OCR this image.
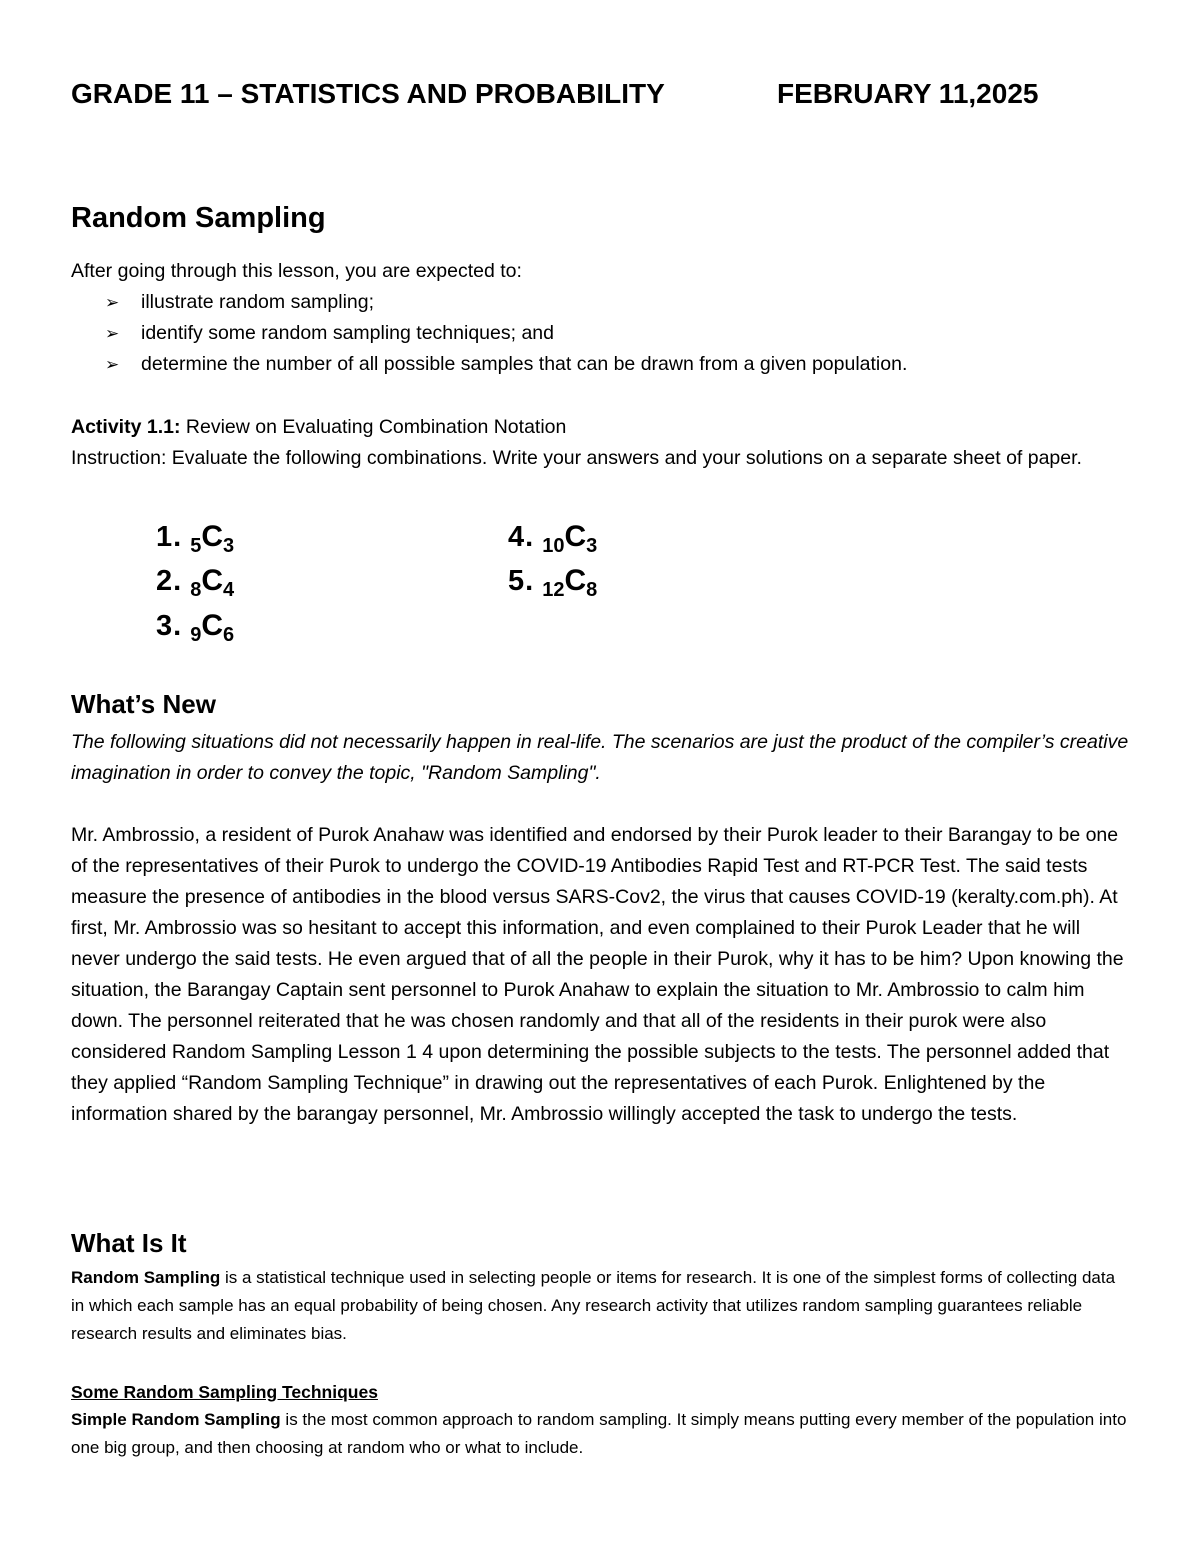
GRADE 11 – STATISTICS AND PROBABILITY	FEBRUARY 11,2025
Random Sampling
After going through this lesson, you are expected to:
➢ illustrate random sampling;
➢ identify some random sampling techniques; and
➢ determine the number of all possible samples that can be drawn from a given population.
Activity 1.1: Review on Evaluating Combination Notation
Instruction: Evaluate the following combinations. Write your answers and your solutions on a separate sheet of paper.
1. $_5C_3$
2. $_8C_4$
3. $_9C_6$
4. $_{10}C_3$
5. $_{12}C_8$
What’s New
The following situations did not necessarily happen in real-life. The scenarios are just the product of the compiler’s creative imagination in order to convey the topic, "Random Sampling".
Mr. Ambrossio, a resident of Purok Anahaw was identified and endorsed by their Purok leader to their Barangay to be one of the representatives of their Purok to undergo the COVID-19 Antibodies Rapid Test and RT-PCR Test. The said tests measure the presence of antibodies in the blood versus SARS-Cov2, the virus that causes COVID-19 (keralty.com.ph). At first, Mr. Ambrossio was so hesitant to accept this information, and even complained to their Purok Leader that he will never undergo the said tests. He even argued that of all the people in their Purok, why it has to be him? Upon knowing the situation, the Barangay Captain sent personnel to Purok Anahaw to explain the situation to Mr. Ambrossio to calm him down. The personnel reiterated that he was chosen randomly and that all of the residents in their purok were also considered Random Sampling Lesson 1 4 upon determining the possible subjects to the tests. The personnel added that they applied “Random Sampling Technique” in drawing out the representatives of each Purok. Enlightened by the information shared by the barangay personnel, Mr. Ambrossio willingly accepted the task to undergo the tests.
What Is It
Random Sampling is a statistical technique used in selecting people or items for research. It is one of the simplest forms of collecting data in which each sample has an equal probability of being chosen. Any research activity that utilizes random sampling guarantees reliable research results and eliminates bias.
Some Random Sampling Techniques
Simple Random Sampling is the most common approach to random sampling. It simply means putting every member of the population into one big group, and then choosing at random who or what to include.
